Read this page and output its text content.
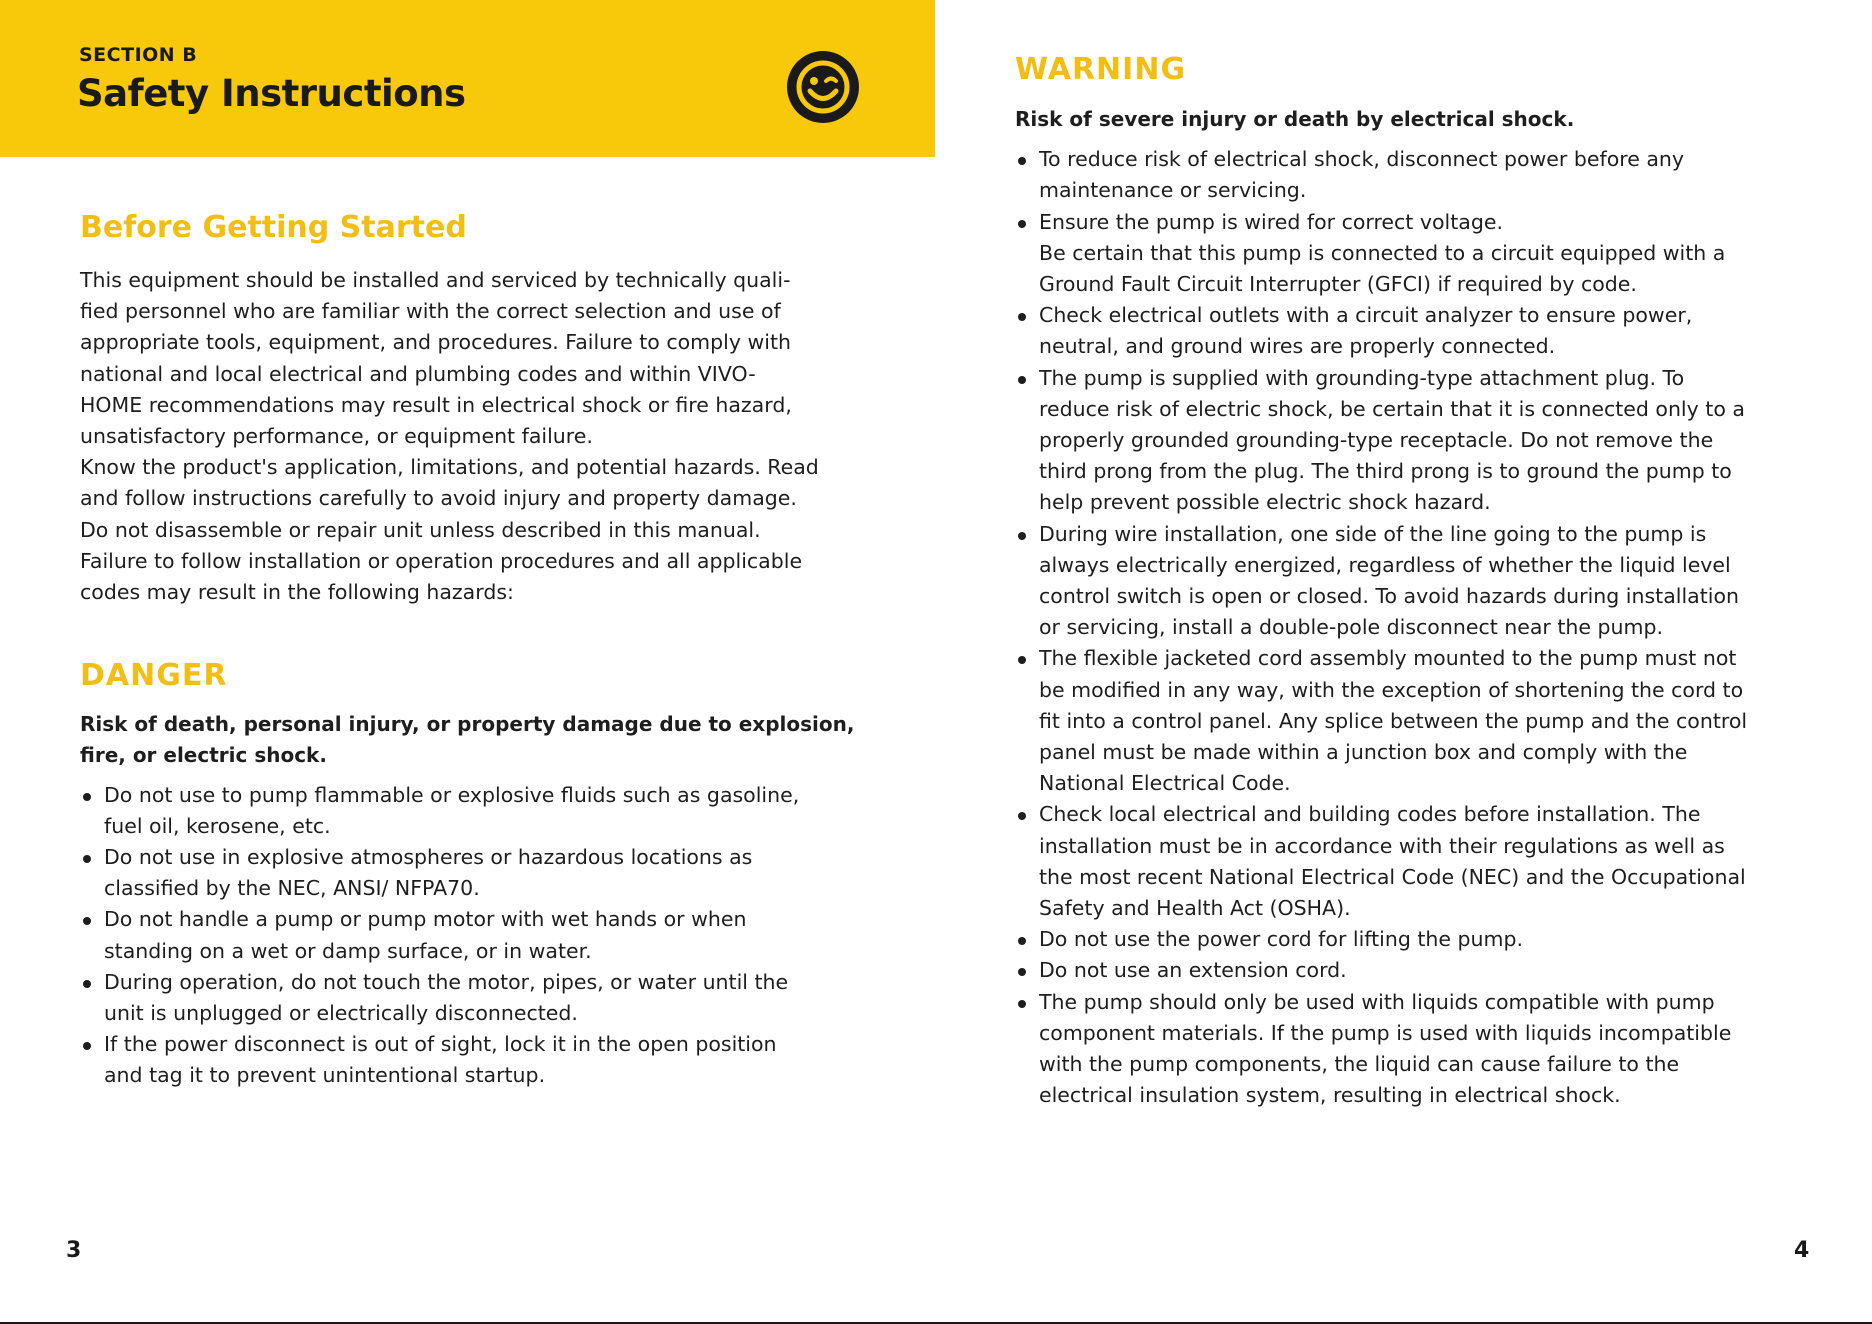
SECTION B
Safety Instructions
Before Getting Started

This equipment should be installed and serviced by technically quali-
fied personnel who are familiar with the correct selection and use of
appropriate tools, equipment, and procedures. Failure to comply with
national and local electrical and plumbing codes and within VIVO-
HOME recommendations may result in electrical shock or fire hazard,
unsatisfactory performance, or equipment failure.
Know the product's application, limitations, and potential hazards. Read
and follow instructions carefully to avoid injury and property damage.
Do not disassemble or repair unit unless described in this manual.
Failure to follow installation or operation procedures and all applicable
codes may result in the following hazards:

DANGER

Risk of death, personal injury, or property damage due to explosion,
fire, or electric shock.

Do not use to pump flammable or explosive fluids such as gasoline,
fuel oil, kerosene, etc.
Do not use in explosive atmospheres or hazardous locations as
classified by the NEC, ANSI/ NFPA70.
Do not handle a pump or pump motor with wet hands or when
standing on a wet or damp surface, or in water.
During operation, do not touch the motor, pipes, or water until the
unit is unplugged or electrically disconnected.
If the power disconnect is out of sight, lock it in the open position
and tag it to prevent unintentional startup.
WARNING

Risk of severe injury or death by electrical shock.

To reduce risk of electrical shock, disconnect power before any
maintenance or servicing.
Ensure the pump is wired for correct voltage.
Be certain that this pump is connected to a circuit equipped with a
Ground Fault Circuit Interrupter (GFCI) if required by code.
Check electrical outlets with a circuit analyzer to ensure power,
neutral, and ground wires are properly connected.
The pump is supplied with grounding-type attachment plug. To
reduce risk of electric shock, be certain that it is connected only to a
properly grounded grounding-type receptacle. Do not remove the
third prong from the plug. The third prong is to ground the pump to
help prevent possible electric shock hazard.
During wire installation, one side of the line going to the pump is
always electrically energized, regardless of whether the liquid level
control switch is open or closed. To avoid hazards during installation
or servicing, install a double-pole disconnect near the pump.
The flexible jacketed cord assembly mounted to the pump must not
be modified in any way, with the exception of shortening the cord to
fit into a control panel. Any splice between the pump and the control
panel must be made within a junction box and comply with the
National Electrical Code.
Check local electrical and building codes before installation. The
installation must be in accordance with their regulations as well as
the most recent National Electrical Code (NEC) and the Occupational
Safety and Health Act (OSHA).
Do not use the power cord for lifting the pump.
Do not use an extension cord.
The pump should only be used with liquids compatible with pump
component materials. If the pump is used with liquids incompatible
with the pump components, the liquid can cause failure to the
electrical insulation system, resulting in electrical shock.
3	4
